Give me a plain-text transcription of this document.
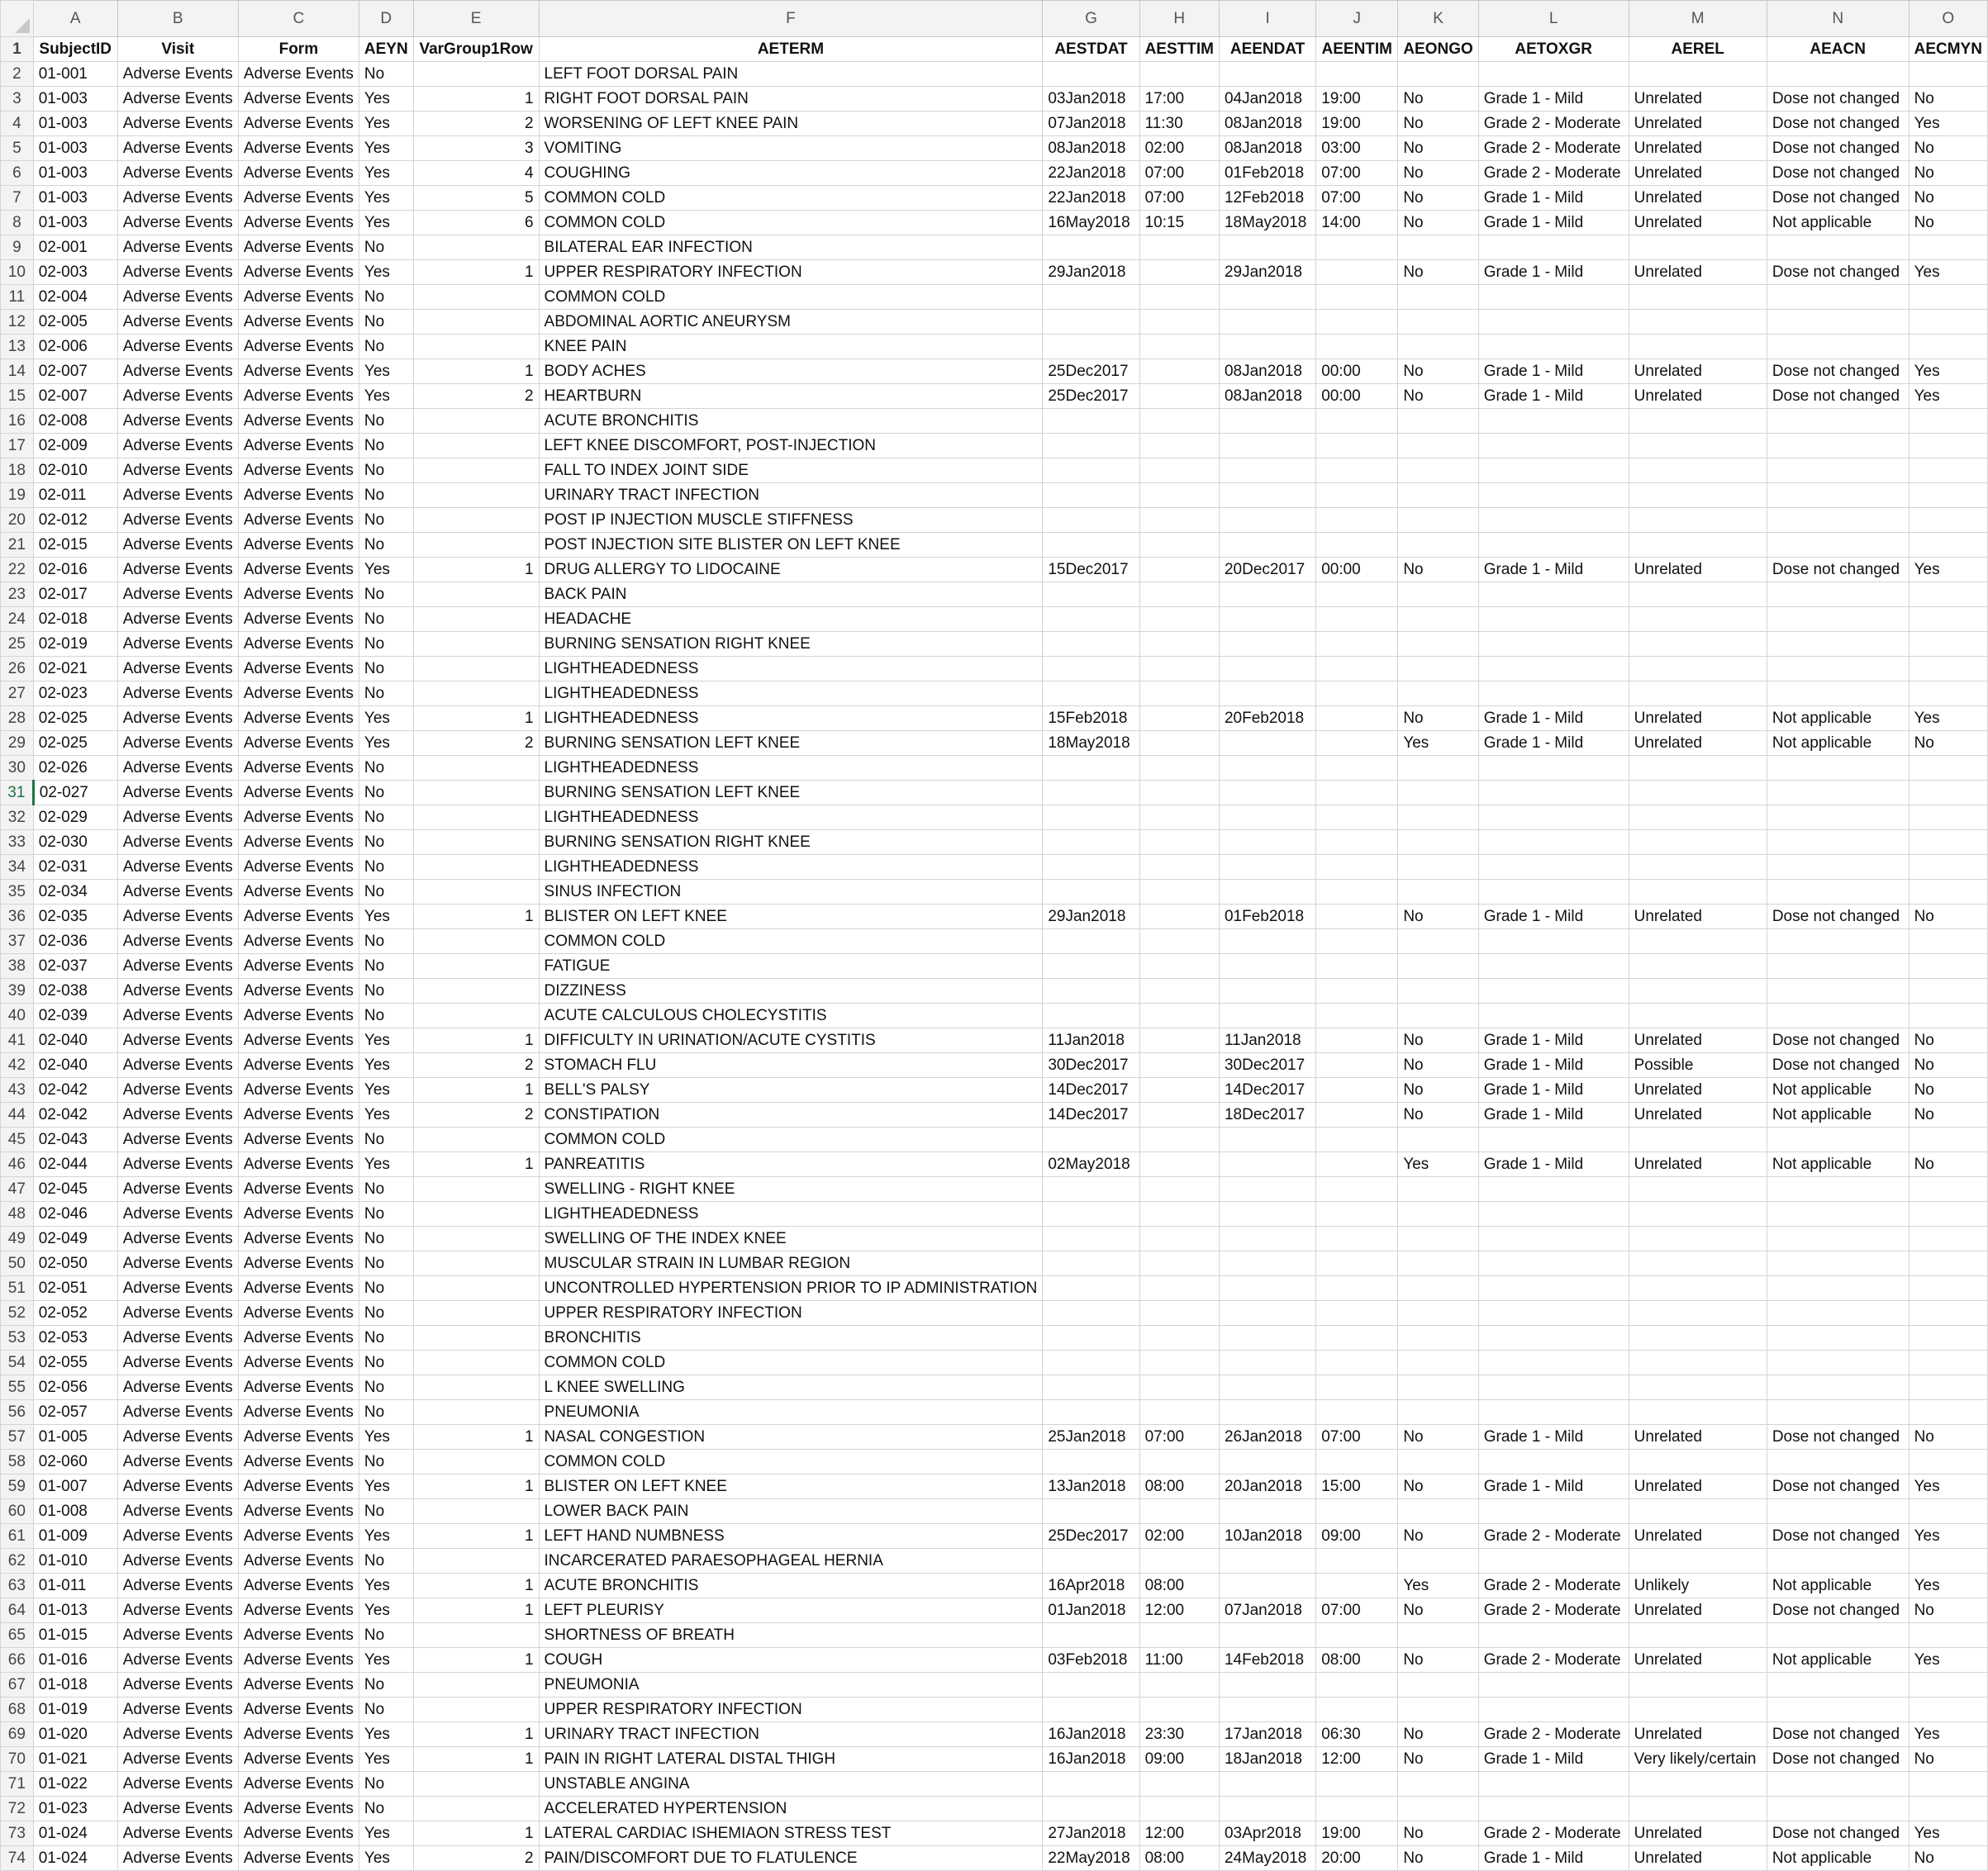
	A	B	C	D	E	F	G	H	I	J	K	L	M	N	O
1	SubjectID	Visit	Form	AEYN	VarGroup1Row	AETERM	AESTDAT	AESTTIM	AEENDAT	AEENTIM	AEONGO	AETOXGR	AEREL	AEACN	AECMYN
2	01-001	Adverse Events	Adverse Events	No		LEFT FOOT DORSAL PAIN									
3	01-003	Adverse Events	Adverse Events	Yes	1	RIGHT FOOT DORSAL PAIN	03Jan2018	17:00	04Jan2018	19:00	No	Grade 1 - Mild	Unrelated	Dose not changed	No
4	01-003	Adverse Events	Adverse Events	Yes	2	WORSENING OF LEFT KNEE PAIN	07Jan2018	11:30	08Jan2018	19:00	No	Grade 2 - Moderate	Unrelated	Dose not changed	Yes
5	01-003	Adverse Events	Adverse Events	Yes	3	VOMITING	08Jan2018	02:00	08Jan2018	03:00	No	Grade 2 - Moderate	Unrelated	Dose not changed	No
6	01-003	Adverse Events	Adverse Events	Yes	4	COUGHING	22Jan2018	07:00	01Feb2018	07:00	No	Grade 2 - Moderate	Unrelated	Dose not changed	No
7	01-003	Adverse Events	Adverse Events	Yes	5	COMMON COLD	22Jan2018	07:00	12Feb2018	07:00	No	Grade 1 - Mild	Unrelated	Dose not changed	No
8	01-003	Adverse Events	Adverse Events	Yes	6	COMMON COLD	16May2018	10:15	18May2018	14:00	No	Grade 1 - Mild	Unrelated	Not applicable	No
9	02-001	Adverse Events	Adverse Events	No		BILATERAL EAR INFECTION									
10	02-003	Adverse Events	Adverse Events	Yes	1	UPPER RESPIRATORY INFECTION	29Jan2018		29Jan2018		No	Grade 1 - Mild	Unrelated	Dose not changed	Yes
11	02-004	Adverse Events	Adverse Events	No		COMMON COLD									
12	02-005	Adverse Events	Adverse Events	No		ABDOMINAL AORTIC ANEURYSM									
13	02-006	Adverse Events	Adverse Events	No		KNEE PAIN									
14	02-007	Adverse Events	Adverse Events	Yes	1	BODY ACHES	25Dec2017		08Jan2018	00:00	No	Grade 1 - Mild	Unrelated	Dose not changed	Yes
15	02-007	Adverse Events	Adverse Events	Yes	2	HEARTBURN	25Dec2017		08Jan2018	00:00	No	Grade 1 - Mild	Unrelated	Dose not changed	Yes
16	02-008	Adverse Events	Adverse Events	No		ACUTE BRONCHITIS									
17	02-009	Adverse Events	Adverse Events	No		LEFT KNEE DISCOMFORT, POST-INJECTION									
18	02-010	Adverse Events	Adverse Events	No		FALL TO INDEX JOINT SIDE									
19	02-011	Adverse Events	Adverse Events	No		URINARY TRACT INFECTION									
20	02-012	Adverse Events	Adverse Events	No		POST IP INJECTION MUSCLE STIFFNESS									
21	02-015	Adverse Events	Adverse Events	No		POST INJECTION SITE BLISTER ON LEFT KNEE									
22	02-016	Adverse Events	Adverse Events	Yes	1	DRUG ALLERGY TO LIDOCAINE	15Dec2017		20Dec2017	00:00	No	Grade 1 - Mild	Unrelated	Dose not changed	Yes
23	02-017	Adverse Events	Adverse Events	No		BACK PAIN									
24	02-018	Adverse Events	Adverse Events	No		HEADACHE									
25	02-019	Adverse Events	Adverse Events	No		BURNING SENSATION RIGHT KNEE									
26	02-021	Adverse Events	Adverse Events	No		LIGHTHEADEDNESS									
27	02-023	Adverse Events	Adverse Events	No		LIGHTHEADEDNESS									
28	02-025	Adverse Events	Adverse Events	Yes	1	LIGHTHEADEDNESS	15Feb2018		20Feb2018		No	Grade 1 - Mild	Unrelated	Not applicable	Yes
29	02-025	Adverse Events	Adverse Events	Yes	2	BURNING SENSATION LEFT KNEE	18May2018				Yes	Grade 1 - Mild	Unrelated	Not applicable	No
30	02-026	Adverse Events	Adverse Events	No		LIGHTHEADEDNESS									
31	02-027	Adverse Events	Adverse Events	No		BURNING SENSATION LEFT KNEE									
32	02-029	Adverse Events	Adverse Events	No		LIGHTHEADEDNESS									
33	02-030	Adverse Events	Adverse Events	No		BURNING SENSATION RIGHT KNEE									
34	02-031	Adverse Events	Adverse Events	No		LIGHTHEADEDNESS									
35	02-034	Adverse Events	Adverse Events	No		SINUS INFECTION									
36	02-035	Adverse Events	Adverse Events	Yes	1	BLISTER ON LEFT KNEE	29Jan2018		01Feb2018		No	Grade 1 - Mild	Unrelated	Dose not changed	No
37	02-036	Adverse Events	Adverse Events	No		COMMON COLD									
38	02-037	Adverse Events	Adverse Events	No		FATIGUE									
39	02-038	Adverse Events	Adverse Events	No		DIZZINESS									
40	02-039	Adverse Events	Adverse Events	No		ACUTE CALCULOUS CHOLECYSTITIS									
41	02-040	Adverse Events	Adverse Events	Yes	1	DIFFICULTY IN URINATION/ACUTE CYSTITIS	11Jan2018		11Jan2018		No	Grade 1 - Mild	Unrelated	Dose not changed	No
42	02-040	Adverse Events	Adverse Events	Yes	2	STOMACH FLU	30Dec2017		30Dec2017		No	Grade 1 - Mild	Possible	Dose not changed	No
43	02-042	Adverse Events	Adverse Events	Yes	1	BELL'S PALSY	14Dec2017		14Dec2017		No	Grade 1 - Mild	Unrelated	Not applicable	No
44	02-042	Adverse Events	Adverse Events	Yes	2	CONSTIPATION	14Dec2017		18Dec2017		No	Grade 1 - Mild	Unrelated	Not applicable	No
45	02-043	Adverse Events	Adverse Events	No		COMMON COLD									
46	02-044	Adverse Events	Adverse Events	Yes	1	PANREATITIS	02May2018				Yes	Grade 1 - Mild	Unrelated	Not applicable	No
47	02-045	Adverse Events	Adverse Events	No		SWELLING - RIGHT KNEE									
48	02-046	Adverse Events	Adverse Events	No		LIGHTHEADEDNESS									
49	02-049	Adverse Events	Adverse Events	No		SWELLING OF THE INDEX KNEE									
50	02-050	Adverse Events	Adverse Events	No		MUSCULAR STRAIN IN LUMBAR REGION									
51	02-051	Adverse Events	Adverse Events	No		UNCONTROLLED HYPERTENSION PRIOR TO IP ADMINISTRATION									
52	02-052	Adverse Events	Adverse Events	No		UPPER RESPIRATORY INFECTION									
53	02-053	Adverse Events	Adverse Events	No		BRONCHITIS									
54	02-055	Adverse Events	Adverse Events	No		COMMON COLD									
55	02-056	Adverse Events	Adverse Events	No		L KNEE SWELLING									
56	02-057	Adverse Events	Adverse Events	No		PNEUMONIA									
57	01-005	Adverse Events	Adverse Events	Yes	1	NASAL CONGESTION	25Jan2018	07:00	26Jan2018	07:00	No	Grade 1 - Mild	Unrelated	Dose not changed	No
58	02-060	Adverse Events	Adverse Events	No		COMMON COLD									
59	01-007	Adverse Events	Adverse Events	Yes	1	BLISTER ON LEFT KNEE	13Jan2018	08:00	20Jan2018	15:00	No	Grade 1 - Mild	Unrelated	Dose not changed	Yes
60	01-008	Adverse Events	Adverse Events	No		LOWER BACK PAIN									
61	01-009	Adverse Events	Adverse Events	Yes	1	LEFT HAND NUMBNESS	25Dec2017	02:00	10Jan2018	09:00	No	Grade 2 - Moderate	Unrelated	Dose not changed	Yes
62	01-010	Adverse Events	Adverse Events	No		INCARCERATED PARAESOPHAGEAL HERNIA									
63	01-011	Adverse Events	Adverse Events	Yes	1	ACUTE BRONCHITIS	16Apr2018	08:00			Yes	Grade 2 - Moderate	Unlikely	Not applicable	Yes
64	01-013	Adverse Events	Adverse Events	Yes	1	LEFT PLEURISY	01Jan2018	12:00	07Jan2018	07:00	No	Grade 2 - Moderate	Unrelated	Dose not changed	No
65	01-015	Adverse Events	Adverse Events	No		SHORTNESS OF BREATH									
66	01-016	Adverse Events	Adverse Events	Yes	1	COUGH	03Feb2018	11:00	14Feb2018	08:00	No	Grade 2 - Moderate	Unrelated	Not applicable	Yes
67	01-018	Adverse Events	Adverse Events	No		PNEUMONIA									
68	01-019	Adverse Events	Adverse Events	No		UPPER RESPIRATORY INFECTION									
69	01-020	Adverse Events	Adverse Events	Yes	1	URINARY TRACT INFECTION	16Jan2018	23:30	17Jan2018	06:30	No	Grade 2 - Moderate	Unrelated	Dose not changed	Yes
70	01-021	Adverse Events	Adverse Events	Yes	1	PAIN IN RIGHT LATERAL DISTAL THIGH	16Jan2018	09:00	18Jan2018	12:00	No	Grade 1 - Mild	Very likely/certain	Dose not changed	No
71	01-022	Adverse Events	Adverse Events	No		UNSTABLE ANGINA									
72	01-023	Adverse Events	Adverse Events	No		ACCELERATED HYPERTENSION									
73	01-024	Adverse Events	Adverse Events	Yes	1	LATERAL CARDIAC ISHEMIAON STRESS TEST	27Jan2018	12:00	03Apr2018	19:00	No	Grade 2 - Moderate	Unrelated	Dose not changed	Yes
74	01-024	Adverse Events	Adverse Events	Yes	2	PAIN/DISCOMFORT DUE TO FLATULENCE	22May2018	08:00	24May2018	20:00	No	Grade 1 - Mild	Unrelated	Not applicable	No
